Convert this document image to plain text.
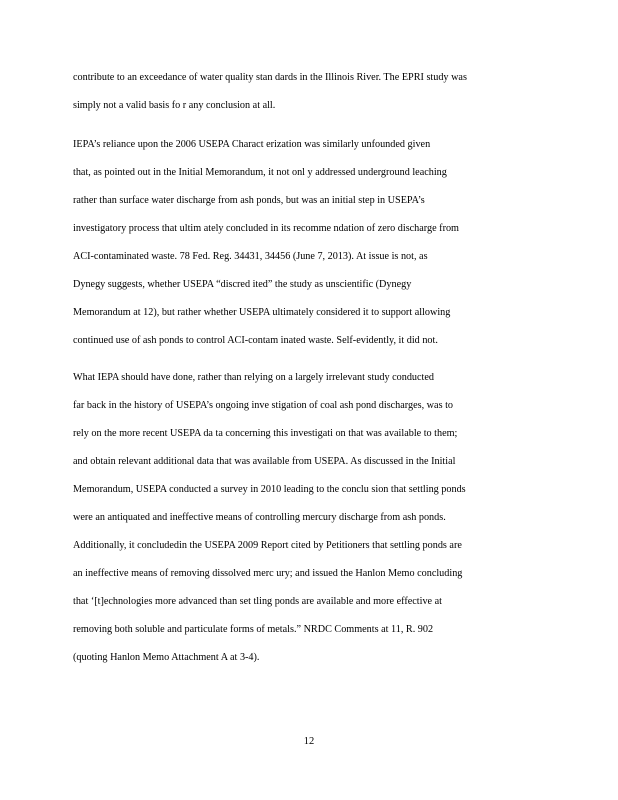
contribute to an exceedance of water quality stan dards in the Illinois River. The EPRI study was
simply not a valid basis fo r any conclusion at all.
IEPA’s reliance upon the 2006 USEPA Charact erization was similarly unfounded given
that, as pointed out in the Initial Memorandum, it not onl y addressed underground leaching
rather than surface water discharge from ash ponds, but was an initial step in USEPA’s
investigatory process that ultim ately concluded in its recomme ndation of zero discharge from
ACI-contaminated waste. 78 Fed. Reg. 34431, 34456 (June 7, 2013). At issue is not, as
Dynegy suggests, whether USEPA “discred ited” the study as unscientific (Dynegy
Memorandum at 12), but rather whether USEPA ultimately considered it to support allowing
continued use of ash ponds to control ACI-contam inated waste. Self-evidently, it did not.
What IEPA should have done, rather than relying on a largely irrelevant study conducted
far back in the history of USEPA’s ongoing inve stigation of coal ash pond discharges, was to
rely on the more recent USEPA da ta concerning this investigati on that was available to them;
and obtain relevant additional data that was available from USEPA. As discussed in the Initial
Memorandum, USEPA conducted a survey in 2010 leading to the conclu sion that settling ponds
were an antiquated and ineffective means of controlling mercury discharge from ash ponds.
Additionally, it concludedin the USEPA 2009 Report cited by Petitioners that settling ponds are
an ineffective means of removing dissolved merc ury; and issued the Hanlon Memo concluding
that ‘[t]echnologies more advanced than set tling ponds are available and more effective at
removing both soluble and particulate forms of metals.” NRDC Comments at 11, R. 902
(quoting Hanlon Memo Attachment A at 3-4).
12
